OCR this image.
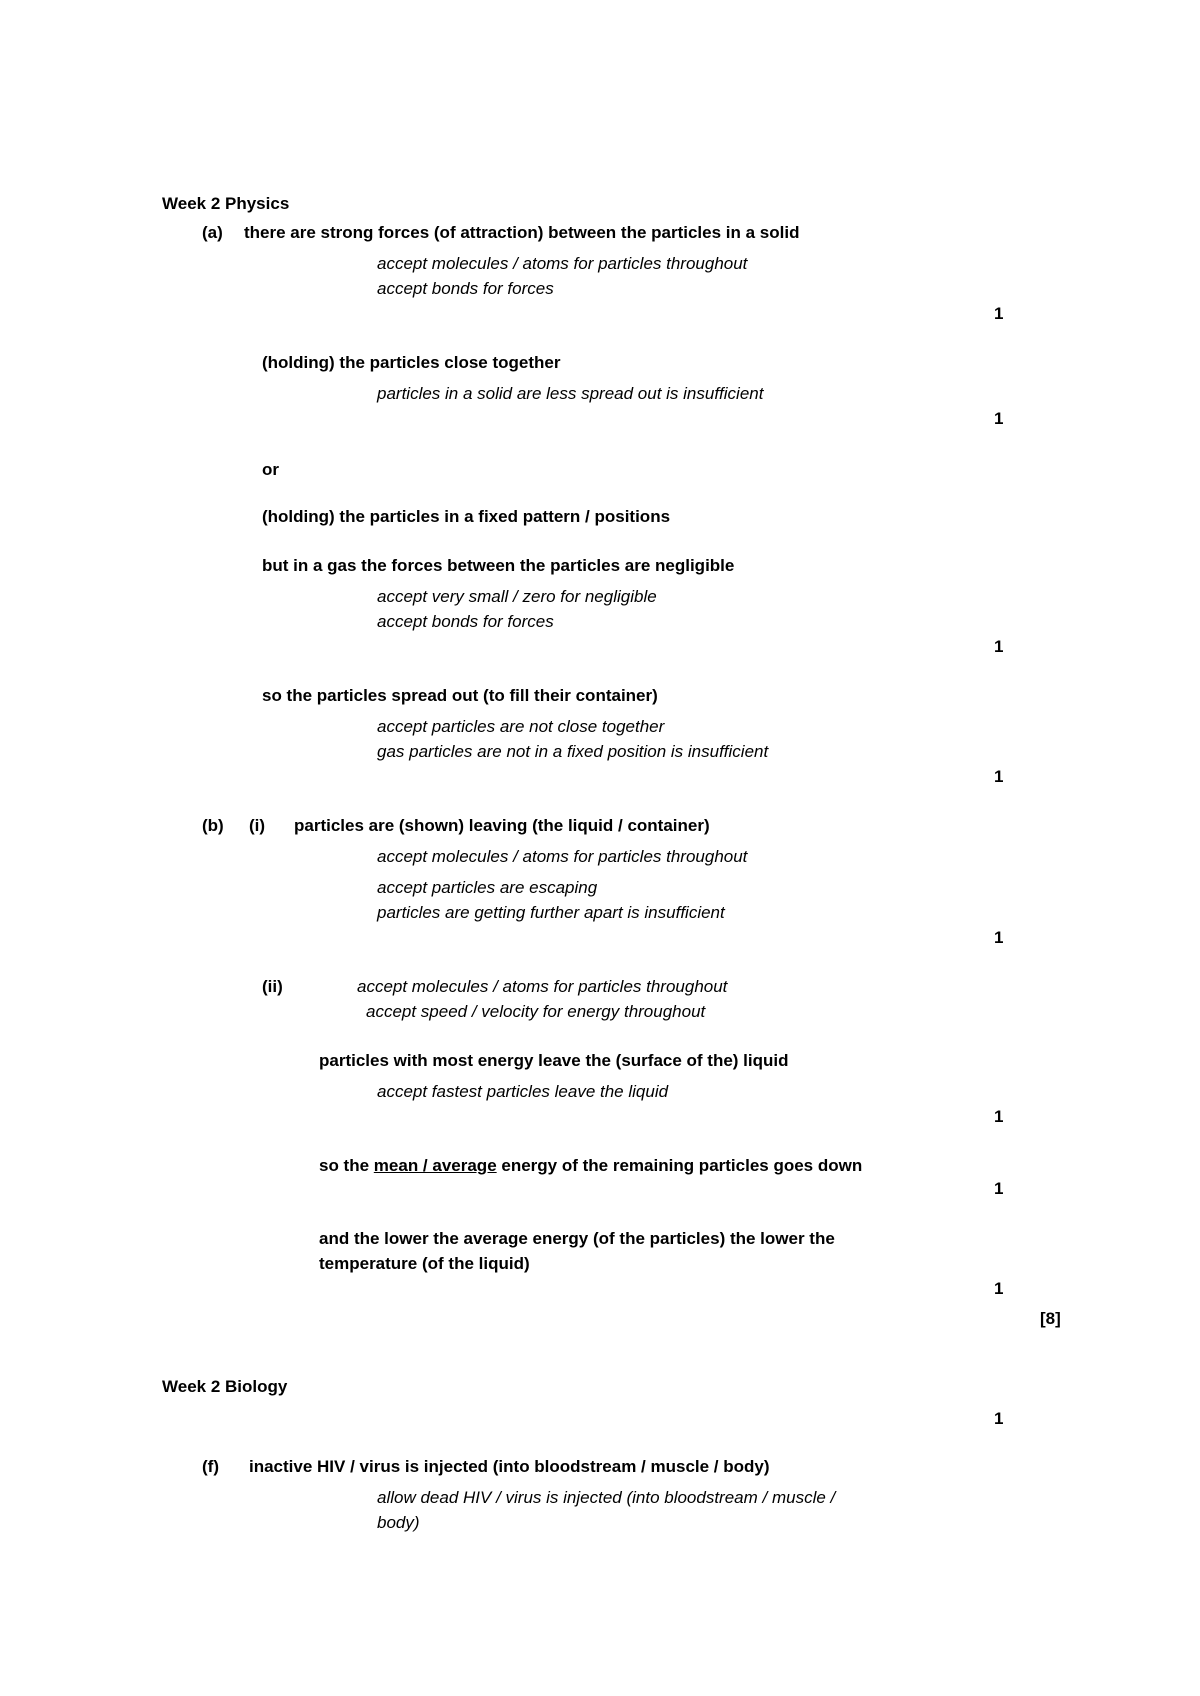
Week 2 Physics
(a) there are strong forces (of attraction) between the particles in a solid
accept molecules / atoms for particles throughout
accept bonds for forces
1
(holding) the particles close together
particles in a solid are less spread out is insufficient
1
or
(holding) the particles in a fixed pattern / positions
but in a gas the forces between the particles are negligible
accept very small / zero for negligible
accept bonds for forces
1
so the particles spread out (to fill their container)
accept particles are not close together
gas particles are not in a fixed position is insufficient
1
(b) (i) particles are (shown) leaving (the liquid / container)
accept molecules / atoms for particles throughout
accept particles are escaping
particles are getting further apart is insufficient
1
(ii)	accept molecules / atoms for particles throughout
accept speed / velocity for energy throughout
particles with most energy leave the (surface of the) liquid
accept fastest particles leave the liquid
1
so the mean / average energy of the remaining particles goes down
1
and the lower the average energy (of the particles) the lower the
temperature (of the liquid)
1
[8]
Week 2 Biology
1
(f) inactive HIV / virus is injected (into bloodstream / muscle / body)
allow dead HIV / virus is injected (into bloodstream / muscle /
body)
